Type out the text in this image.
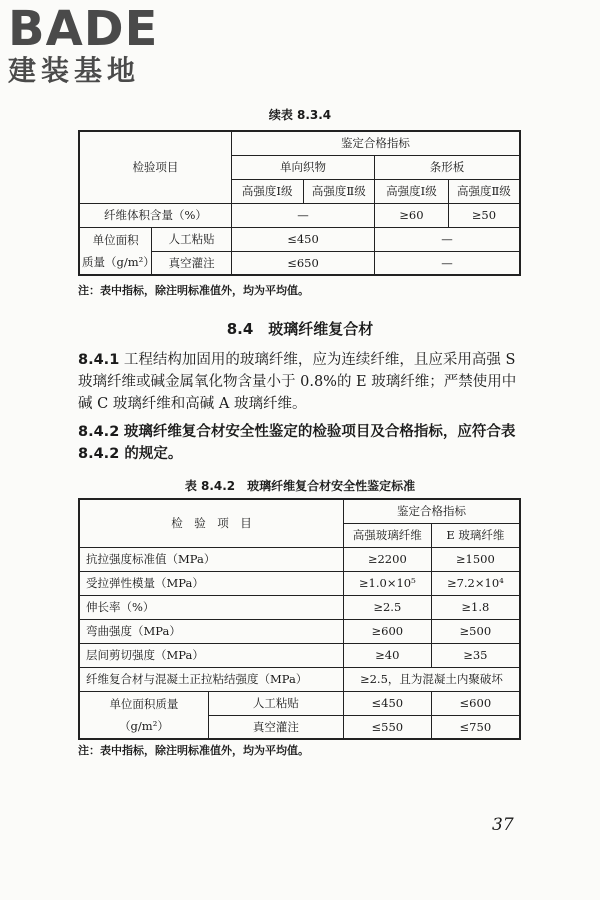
BADE
建装基地
续表 8.3.4
检验项目		鉴定合格指标			
		单向织物		条形板	
		高强度Ⅰ级	高强度Ⅱ级	高强度Ⅰ级	高强度Ⅱ级
纤维体积含量（%）		—		≥60	≥50
单位面积
质量（g/m²）	人工粘贴	≤450		—	
	真空灌注	≤650		—	
注：表中指标，除注明标准值外，均为平均值。
8.4　玻璃纤维复合材
8.4.1 工程结构加固用的玻璃纤维，应为连续纤维，且应采用高强 S 玻璃纤维或碱金属氧化物含量小于 0.8%的 E 玻璃纤维；严禁使用中碱 C 玻璃纤维和高碱 A 玻璃纤维。
8.4.2 玻璃纤维复合材安全性鉴定的检验项目及合格指标，应符合表 8.4.2 的规定。
表 8.4.2　玻璃纤维复合材安全性鉴定标准
检　验　项　目		鉴定合格指标	
		高强玻璃纤维	E 玻璃纤维
抗拉强度标准值（MPa）		≥2200	≥1500
受拉弹性模量（MPa）		≥1.0×10⁵	≥7.2×10⁴
伸长率（%）		≥2.5	≥1.8
弯曲强度（MPa）		≥600	≥500
层间剪切强度（MPa）		≥40	≥35
纤维复合材与混凝土正拉粘结强度（MPa）		≥2.5，且为混凝土内聚破坏	
单位面积质量
（g/m²）	人工粘贴	≤450	≤600
	真空灌注	≤550	≤750
注：表中指标，除注明标准值外，均为平均值。
37
